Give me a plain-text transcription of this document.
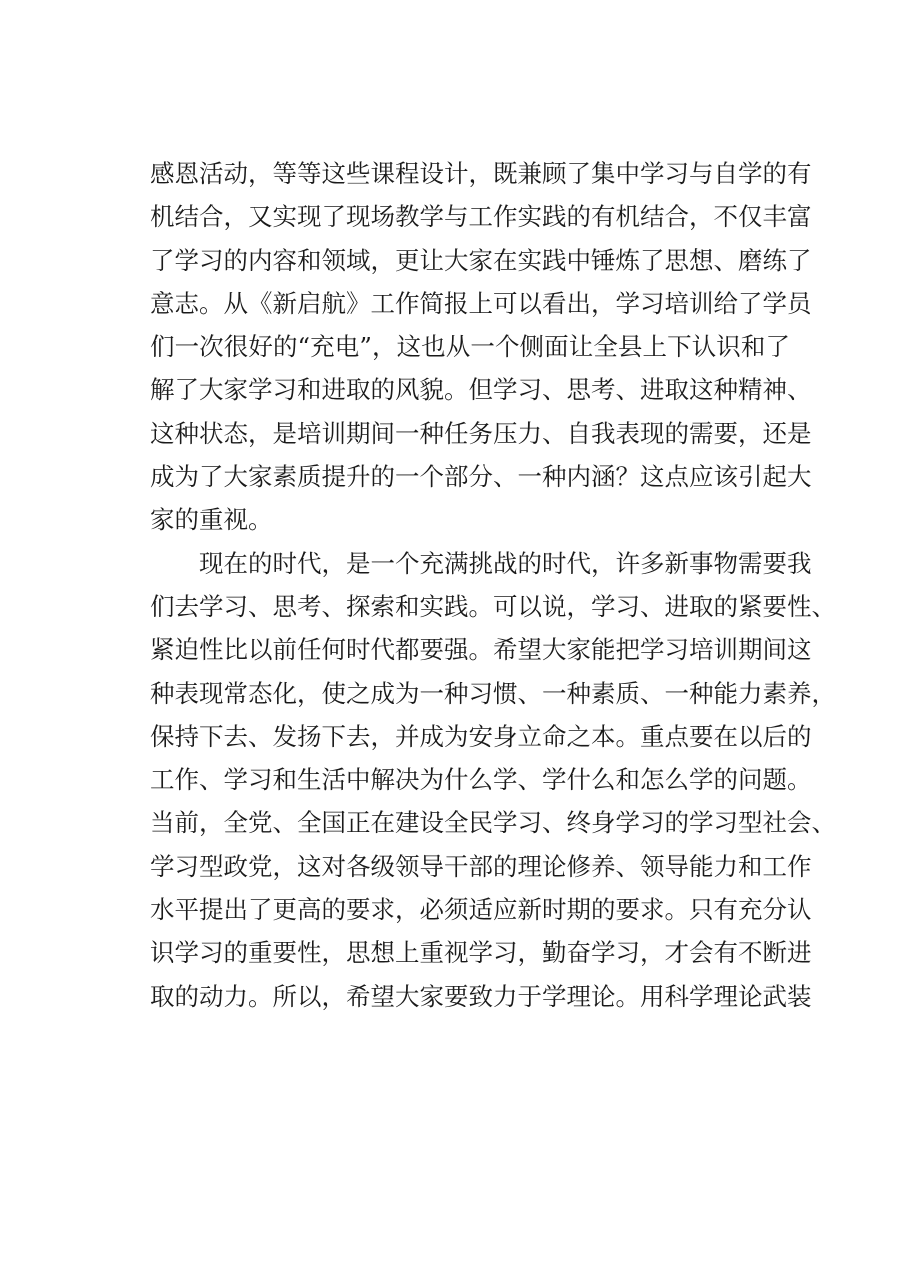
感恩活动，等等这些课程设计，既兼顾了集中学习与自学的有
机结合，又实现了现场教学与工作实践的有机结合，不仅丰富
了学习的内容和领域，更让大家在实践中锤炼了思想、磨练了
意志。从《新启航》工作简报上可以看出，学习培训给了学员
们一次很好的“充电”，这也从一个侧面让全县上下认识和了
解了大家学习和进取的风貌。但学习、思考、进取这种精神、
这种状态，是培训期间一种任务压力、自我表现的需要，还是
成为了大家素质提升的一个部分、一种内涵？这点应该引起大
家的重视。
现在的时代，是一个充满挑战的时代，许多新事物需要我
们去学习、思考、探索和实践。可以说，学习、进取的紧要性、
紧迫性比以前任何时代都要强。希望大家能把学习培训期间这
种表现常态化，使之成为一种习惯、一种素质、一种能力素养，
保持下去、发扬下去，并成为安身立命之本。重点要在以后的
工作、学习和生活中解决为什么学、学什么和怎么学的问题。
当前，全党、全国正在建设全民学习、终身学习的学习型社会、
学习型政党，这对各级领导干部的理论修养、领导能力和工作
水平提出了更高的要求，必须适应新时期的要求。只有充分认
识学习的重要性，思想上重视学习，勤奋学习，才会有不断进
取的动力。所以，希望大家要致力于学理论。用科学理论武装
